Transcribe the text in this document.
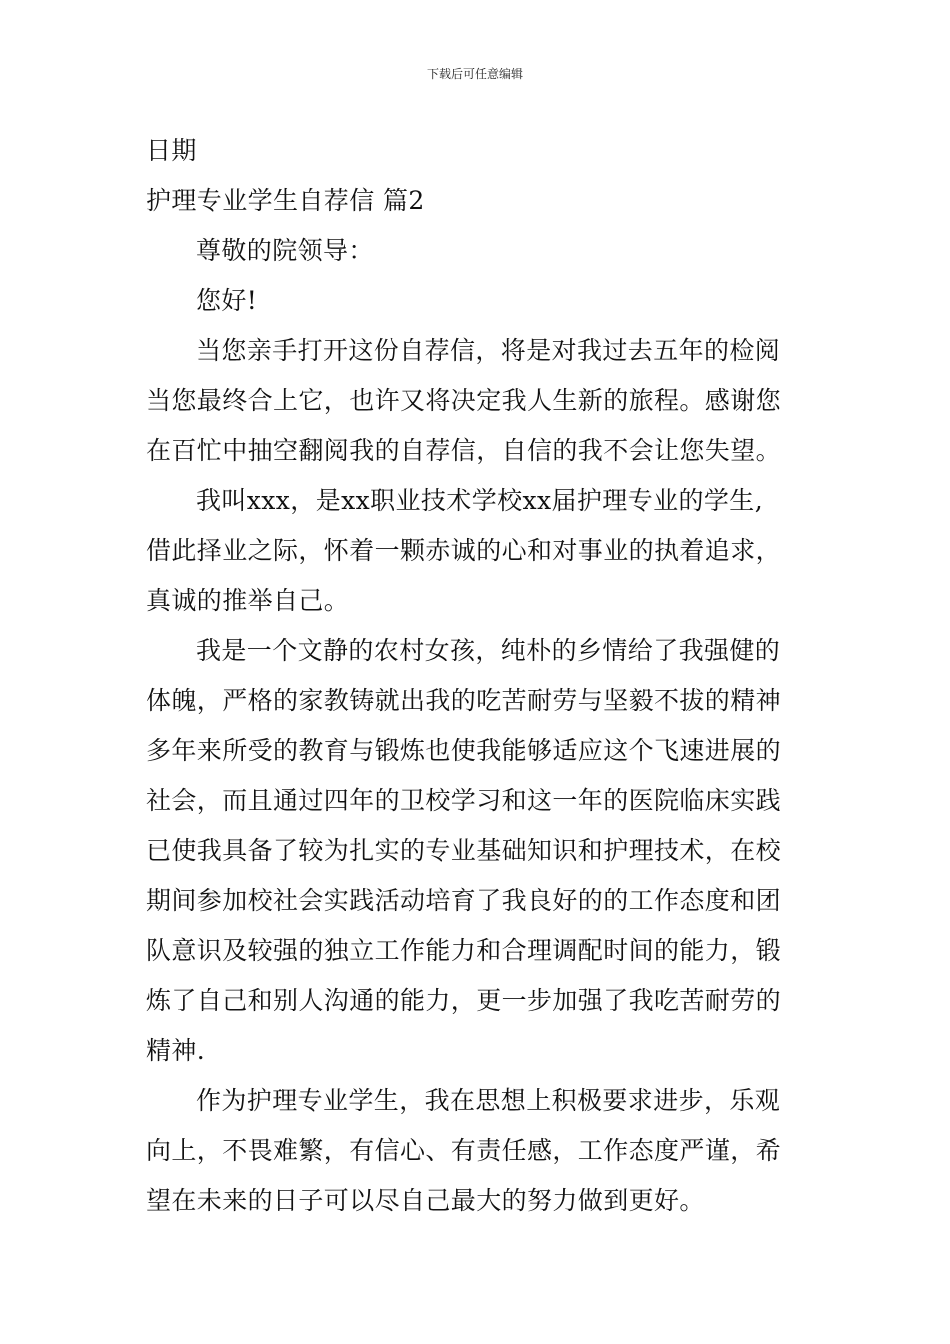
下载后可任意编辑
日期
护理专业学生自荐信 篇2
尊敬的院领导：
您好!
当您亲手打开这份自荐信，将是对我过去五年的检阅
当您最终合上它，也许又将决定我人生新的旅程。感谢您
在百忙中抽空翻阅我的自荐信，自信的我不会让您失望。
我叫xxx，是xx职业技术学校xx届护理专业的学生,
借此择业之际，怀着一颗赤诚的心和对事业的执着追求，
真诚的推举自己。
我是一个文静的农村女孩，纯朴的乡情给了我强健的
体魄，严格的家教铸就出我的吃苦耐劳与坚毅不拔的精神
多年来所受的教育与锻炼也使我能够适应这个飞速进展的
社会，而且通过四年的卫校学习和这一年的医院临床实践
已使我具备了较为扎实的专业基础知识和护理技术，在校
期间参加校社会实践活动培育了我良好的的工作态度和团
队意识及较强的独立工作能力和合理调配时间的能力，锻
炼了自己和别人沟通的能力，更一步加强了我吃苦耐劳的
精神.
作为护理专业学生，我在思想上积极要求进步，乐观
向上，不畏难繁，有信心、有责任感，工作态度严谨，希
望在未来的日子可以尽自己最大的努力做到更好。
